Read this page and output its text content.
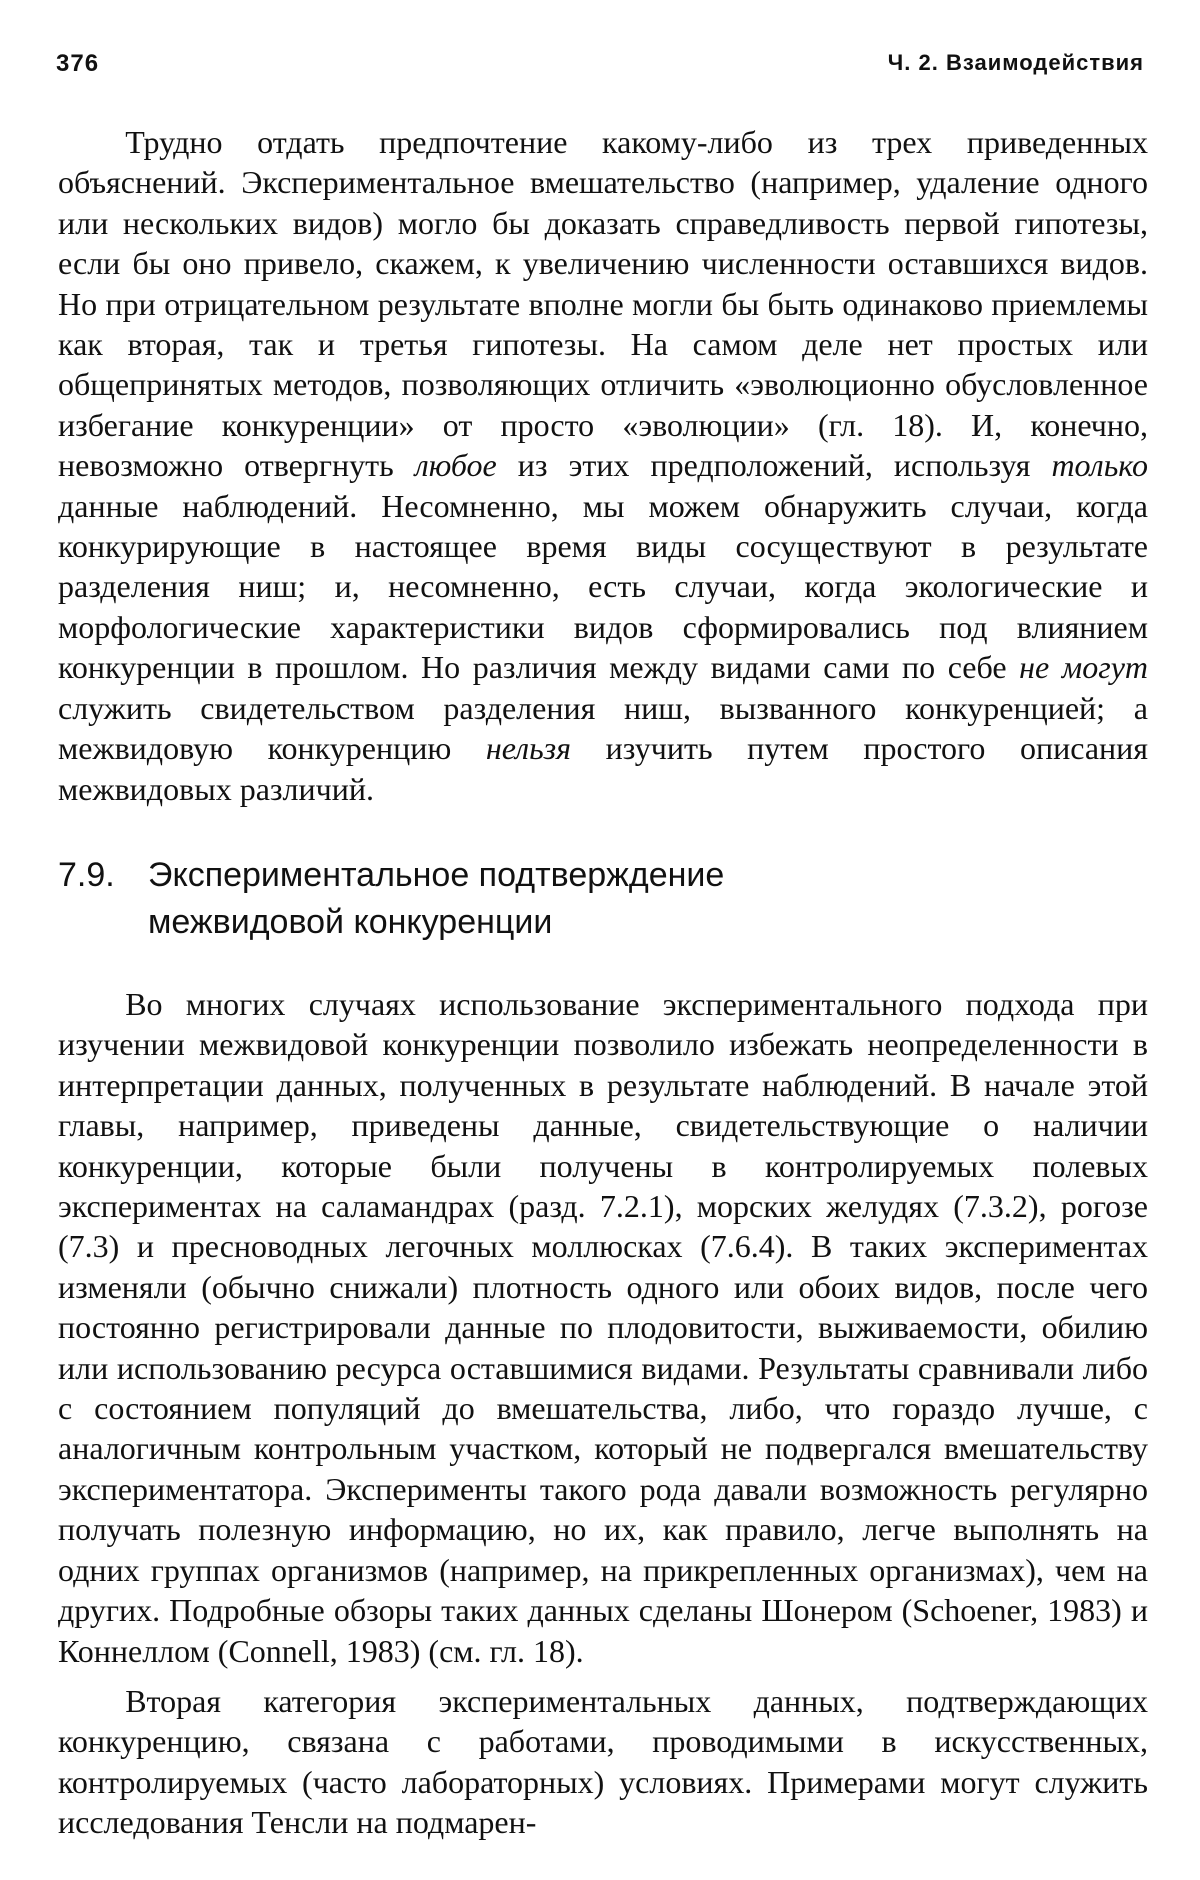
376	Ч. 2. Взаимодействия

Трудно отдать предпочтение какому-либо из трех приведенных объяснений. Экспериментальное вмешательство (например, удаление одного или нескольких видов) могло бы доказать справедливость первой гипотезы, если бы оно привело, скажем, к увеличению численности оставшихся видов. Но при отрицательном результате вполне могли бы быть одинаково приемлемы как вторая, так и третья гипотезы. На самом деле нет простых или общепринятых методов, позволяющих отличить «эволюционно обусловленное избегание конкуренции» от просто «эволюции» (гл. 18). И, конечно, невозможно отвергнуть любое из этих предположений, используя только данные наблюдений. Несомненно, мы можем обнаружить случаи, когда конкурирующие в настоящее время виды сосуществуют в результате разделения ниш; и, несомненно, есть случаи, когда экологические и морфологические характеристики видов сформировались под влиянием конкуренции в прошлом. Но различия между видами сами по себе не могут служить свидетельством разделения ниш, вызванного конкуренцией; а межвидовую конкуренцию нельзя изучить путем простого описания межвидовых различий.

7.9. Экспериментальное подтверждение
межвидовой конкуренции

Во многих случаях использование экспериментального подхода при изучении межвидовой конкуренции позволило избежать неопределенности в интерпретации данных, полученных в результате наблюдений. В начале этой главы, например, приведены данные, свидетельствующие о наличии конкуренции, которые были получены в контролируемых полевых экспериментах на саламандрах (разд. 7.2.1), морских желудях (7.3.2), рогозе (7.3) и пресноводных легочных моллюсках (7.6.4). В таких экспериментах изменяли (обычно снижали) плотность одного или обоих видов, после чего постоянно регистрировали данные по плодовитости, выживаемости, обилию или использованию ресурса оставшимися видами. Результаты сравнивали либо с состоянием популяций до вмешательства, либо, что гораздо лучше, с аналогичным контрольным участком, который не подвергался вмешательству экспериментатора. Эксперименты такого рода давали возможность регулярно получать полезную информацию, но их, как правило, легче выполнять на одних группах организмов (например, на прикрепленных организмах), чем на других. Подробные обзоры таких данных сделаны Шонером (Schoener, 1983) и Коннеллом (Connell, 1983) (см. гл. 18).

Вторая категория экспериментальных данных, подтверждающих конкуренцию, связана с работами, проводимыми в искусственных, контролируемых (часто лабораторных) условиях. Примерами могут служить исследования Тенсли на подмарен-
